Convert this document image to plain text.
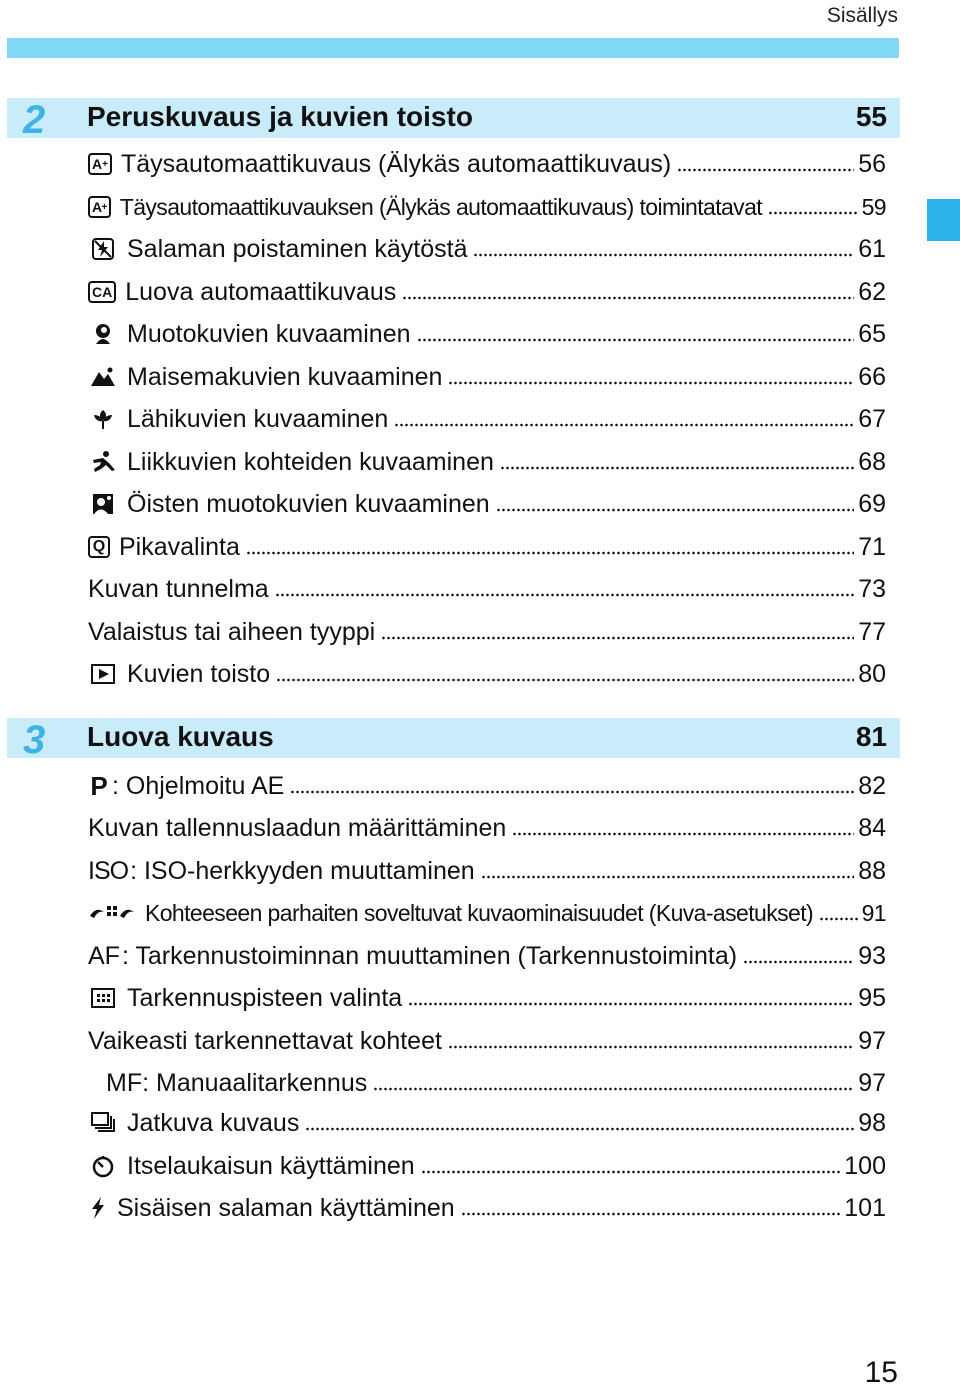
Sisällys
2 Peruskuvaus ja kuvien toisto	55
A + Täysautomaattikuvaus (Älykäs automaattikuvaus)	56
A + Täysautomaattikuvauksen (Älykäs automaattikuvaus) toimintatavat	59
Salaman poistaminen käytöstä	61
CA Luova automaattikuvaus	62
Muotokuvien kuvaaminen	65
Maisemakuvien kuvaaminen	66
Lähikuvien kuvaaminen	67
Liikkuvien kohteiden kuvaaminen	68
Öisten muotokuvien kuvaaminen	69
Q Pikavalinta	71
Kuvan tunnelma	73
Valaistus tai aiheen tyyppi	77
Kuvien toisto	80
3 Luova kuvaus	81
P : Ohjelmoitu AE	82
Kuvan tallennuslaadun määrittäminen	84
ISO : ISO-herkkyyden muuttaminen	88
Kohteeseen parhaiten soveltuvat kuvaominaisuudet (Kuva-asetukset) 91
AF : Tarkennustoiminnan muuttaminen (Tarkennustoiminta)	93
Tarkennuspisteen valinta	95
Vaikeasti tarkennettavat kohteet	97
MF: Manuaalitarkennus	97
Jatkuva kuvaus	98
Itselaukaisun käyttäminen	100
Sisäisen salaman käyttäminen	101
15
